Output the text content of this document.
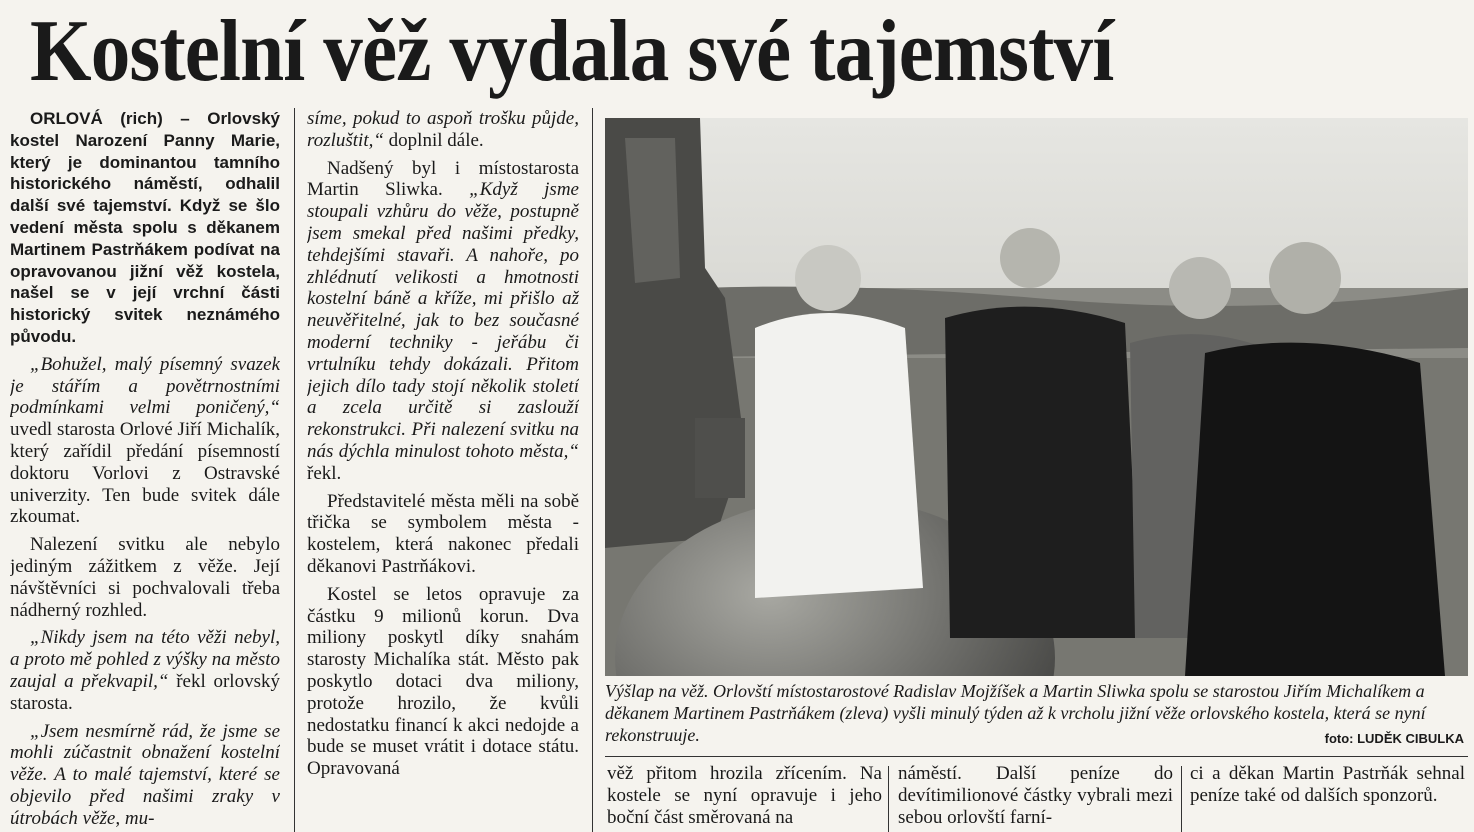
Kostelní věž vydala své tajemství

ORLOVÁ (rich) – Orlovský kostel Narození Panny Marie, který je dominantou tamního historického náměstí, odhalil další své tajemství. Když se šlo vedení města spolu s děkanem Martinem Pastrňákem podívat na opravovanou jižní věž kostela, našel se v její vrchní části historický svitek neznámého původu.

„Bohužel, malý písemný svazek je stářím a povětrnostními podmínkami velmi poničený,“ uvedl starosta Orlové Jiří Michalík, který zařídil předání písemností doktoru Vorlovi z Ostravské univerzity. Ten bude svitek dále zkoumat.

Nalezení svitku ale nebylo jediným zážitkem z věže. Její návštěvníci si pochvalovali třeba nádherný rozhled.

„Nikdy jsem na této věži nebyl, a proto mě pohled z výšky na město zaujal a překvapil,“ řekl orlovský starosta.

„Jsem nesmírně rád, že jsme se mohli zúčastnit obnažení kostelní věže. A to malé tajemství, které se objevilo před našimi zraky v útrobách věže, mu-

síme, pokud to aspoň trošku půjde, rozluštit,“ doplnil dále.

Nadšený byl i místostarosta Martin Sliwka. „Když jsme stoupali vzhůru do věže, postupně jsem smekal před našimi předky, tehdejšími stavaři. A nahoře, po zhlédnutí velikosti a hmotnosti kostelní báně a kříže, mi přišlo až neuvěřitelné, jak to bez současné moderní techniky - jeřábu či vrtulníku tehdy dokázali. Přitom jejich dílo tady stojí několik století a zcela určitě si zaslouží rekonstrukci. Při nalezení svitku na nás dýchla minulost tohoto města,“ řekl.

Představitelé města měli na sobě třička se symbolem města - kostelem, která nakonec předali děkanovi Pastrňákovi.

Kostel se letos opravuje za částku 9 milionů korun. Dva miliony poskytl díky snahám starosty Michalíka stát. Město pak poskytlo dotaci dva miliony, protože hrozilo, že kvůli nedostatku financí k akci nedojde a bude se muset vrátit i dotace státu. Opravovaná

Výšlap na věž. Orlovští místostarostové Radislav Mojžíšek a Martin Sliwka spolu se starostou Jiřím Michalíkem a děkanem Martinem Pastrňákem (zleva) vyšli minulý týden až k vrcholu jižní věže orlovského kostela, která se nyní rekonstruuje.	foto: LUDĚK CIBULKA

věž přitom hrozila zřícením. Na kostele se nyní opravuje i jeho boční část směrovaná na

náměstí. Další peníze do devítimilionové částky vybrali mezi sebou orlovští farní-

ci a děkan Martin Pastrňák sehnal peníze také od dalších sponzorů.
